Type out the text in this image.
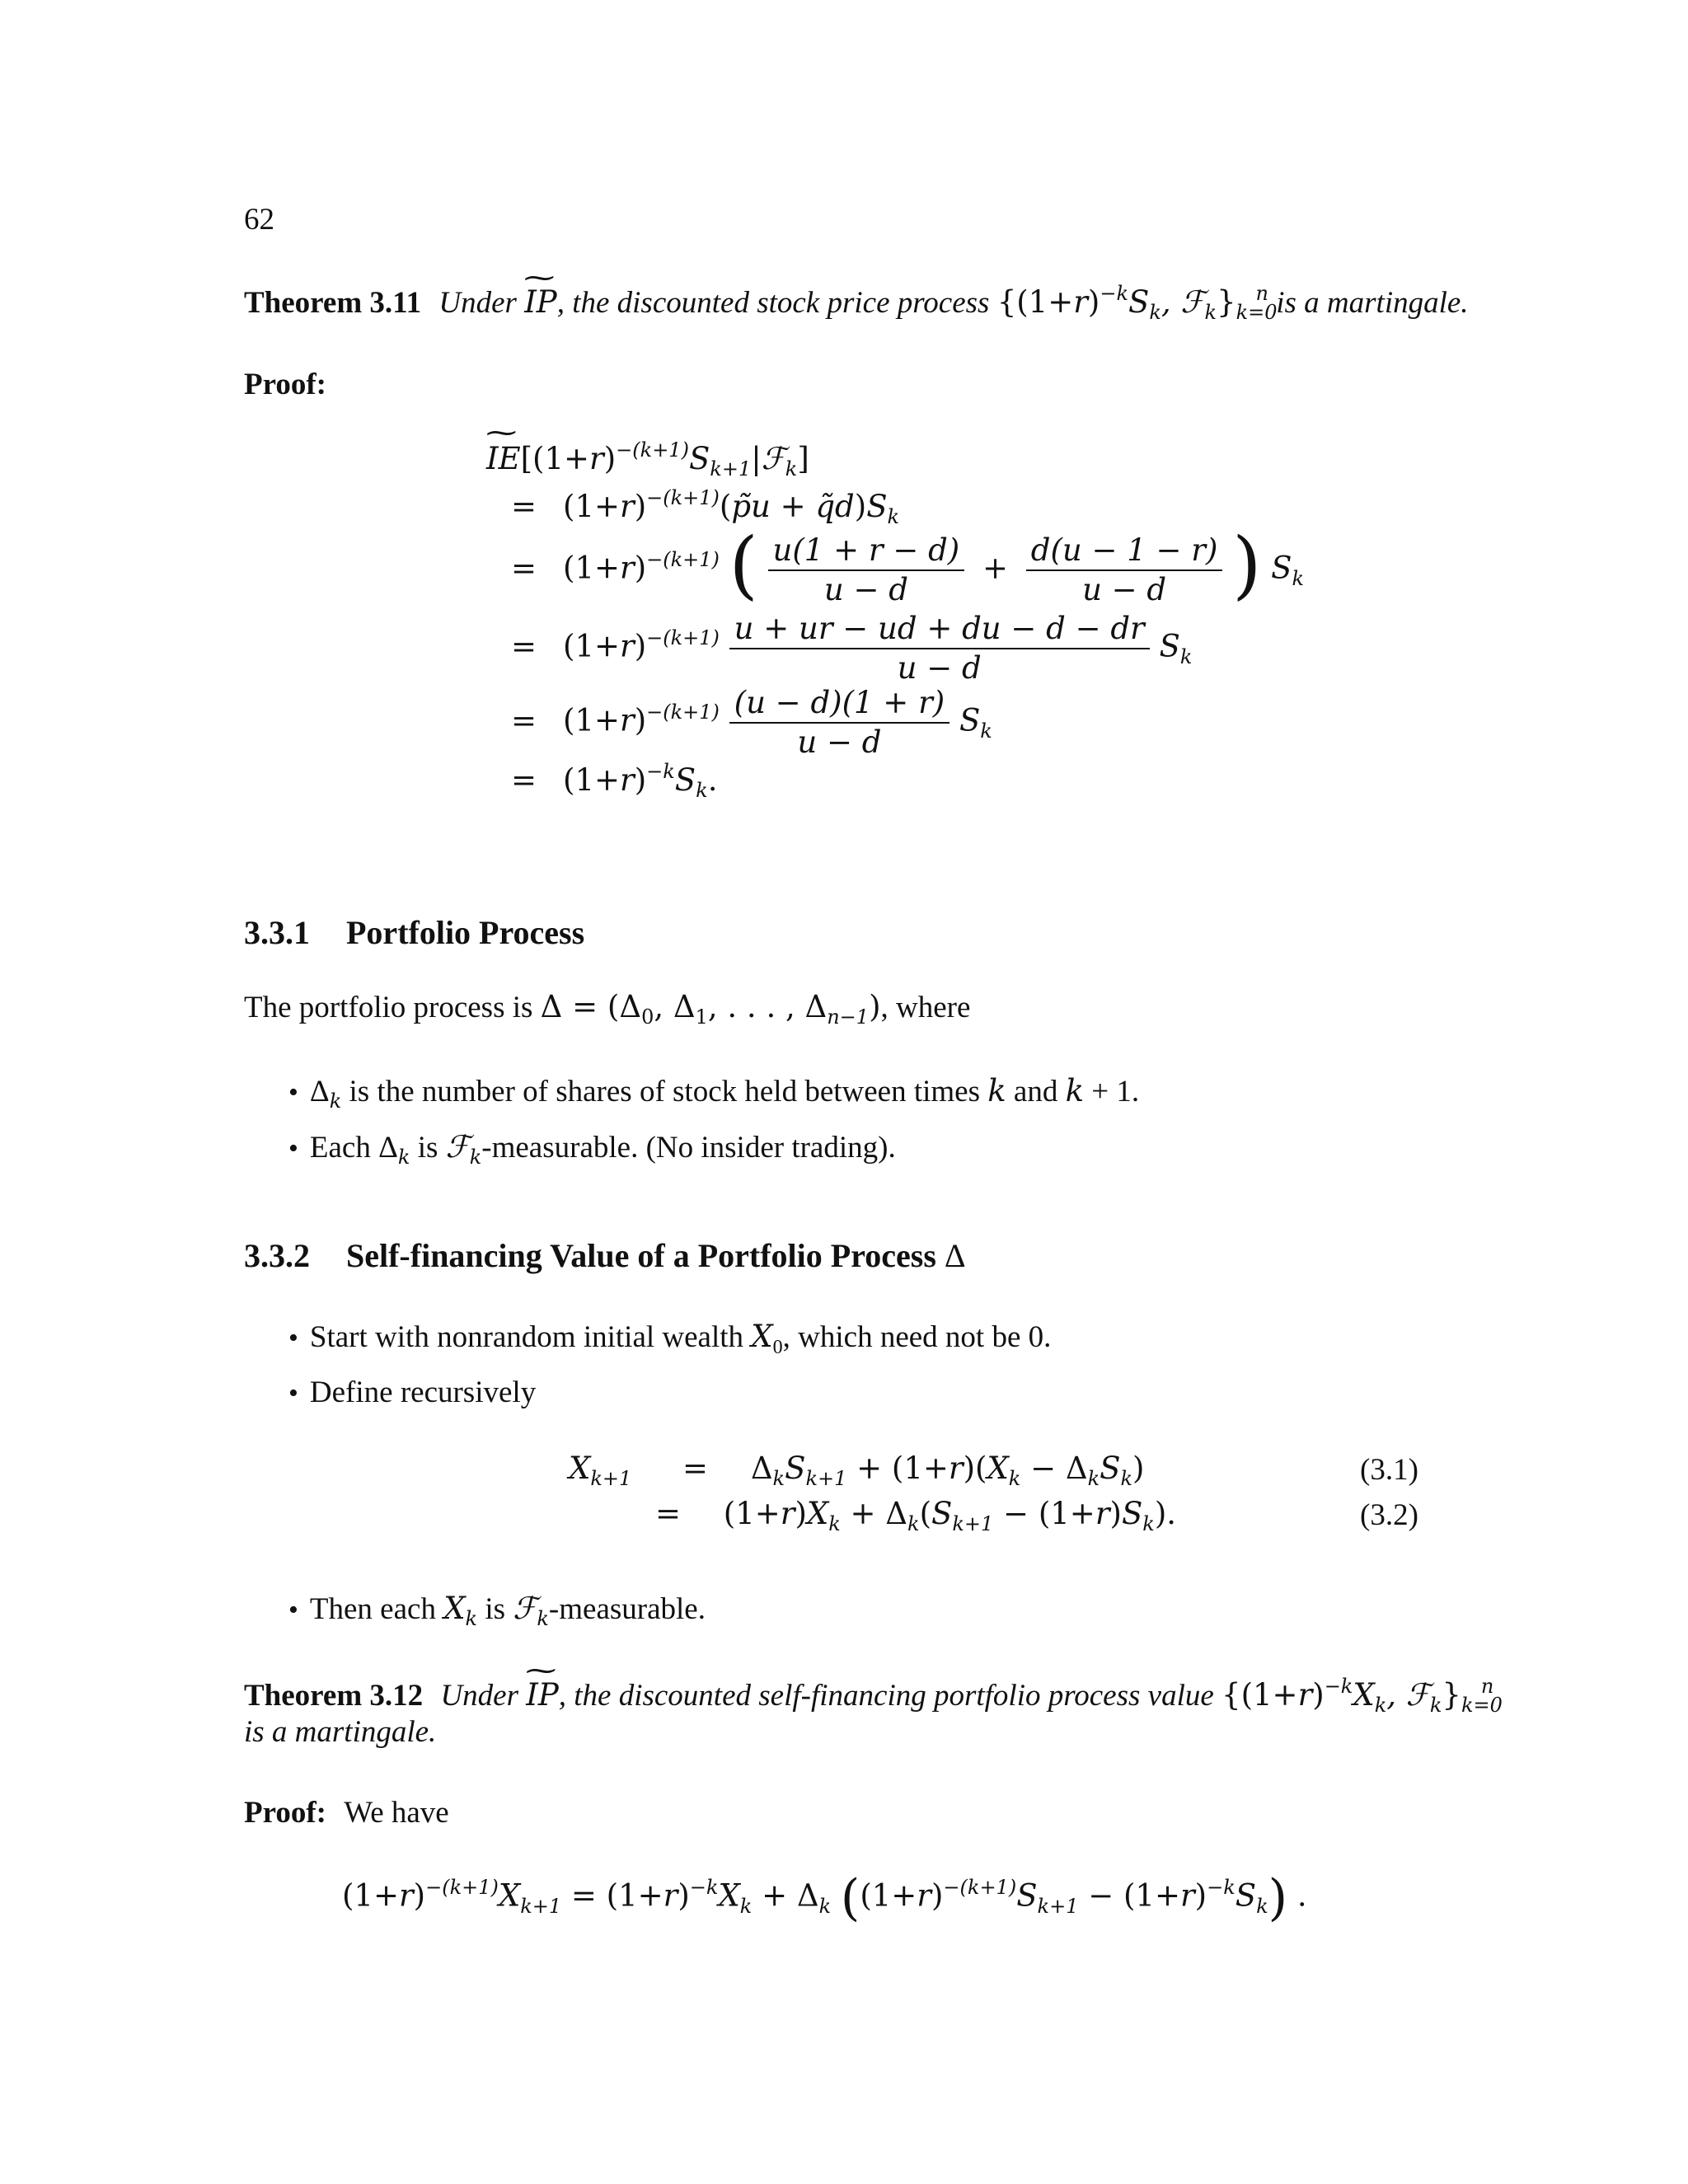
62
Theorem 3.11 Under ~ IP, the discounted stock price process {$(1+r)^{-k}S_k$, $ℱ_k\}_{k=0}^n$ is a martingale.
Proof:
~ $IE[(1+r)^{-(k+1)}S_{k+1}|ℱ_k]$
= $(1+r)^{-(k+1)}(p̃u$ + $q̃d)S_k$
= $(1+r)^{-(k+1)}$ ( $\frac{u(1 + r - d)}{u - d} + \frac{d(u - 1 - r)}{u - d}$ ) $S_k$
= $(1+r)^{-(k+1)} \frac{u + ur - ud + du - d - dr}{u - d} S_k$
= $(1+r)^{-(k+1)} \frac{(u - d)(1 + r)}{u - d} S_k$
= $(1+r)^{-k}S_k$.
3.3.1 Portfolio Process
The portfolio process is $\Delta = (\Delta_0$, $\Delta_1$, . . . , $\Delta_{n-1}$), where
• $\Delta_k$ is the number of shares of stock held between times k and k + 1.
• Each $\Delta_k$ is ℱ$_k$-measurable. (No insider trading).
3.3.2 Self-financing Value of a Portfolio Process Δ
• Start with nonrandom initial wealth $X_0$, which need not be 0.
• Define recursively
$X_{k+1} = \Delta_kS_{k+1} + (1+r)(X_k - \Delta_kS_k)$	(3.1)
= $(1+r)X_k + \Delta_k(S_{k+1} - (1+r)S_k)$.	(3.2)
• Then each $X_k$ is ℱ$_k$-measurable.
Theorem 3.12 Under ~ IP, the discounted self-financing portfolio process value {$(1+r)^{-k}X_k$, $ℱ_k\}_{k=0}^n$
is a martingale.
Proof: We have
$(1+r)^{-(k+1)}X_{k+1} = (1+r)^{-k}X_k + \Delta_k$ $((1+r)^{-(k+1)}S_{k+1} - (1+r)^{-k}S_k)$ .
